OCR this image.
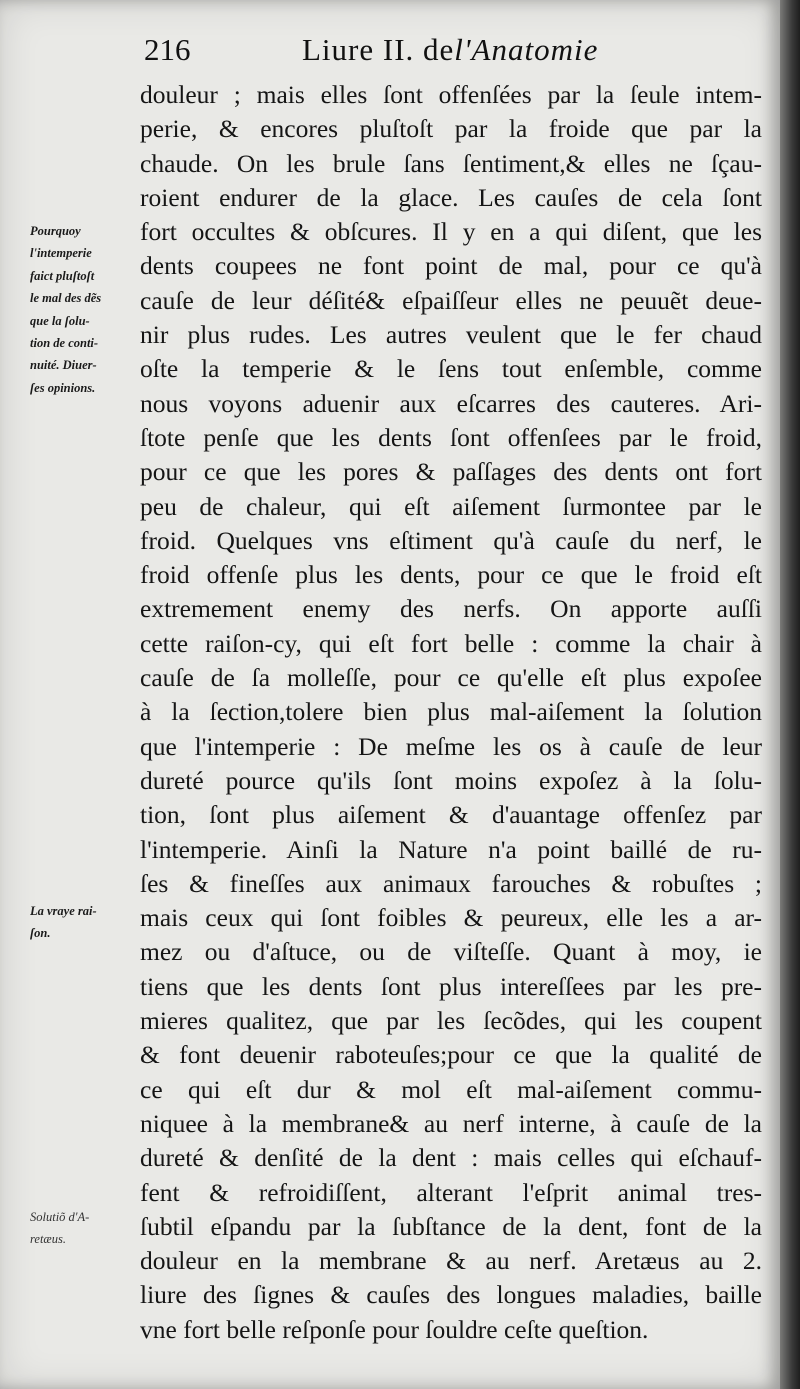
216	Liure II. del'Anatomie
douleur ; mais elles ſont offenſées par la ſeule intem-
perie, & encores pluſtoſt par la froide que par la
chaude. On les brule ſans ſentiment,& elles ne ſçau-
roient endurer de la glace. Les cauſes de cela ſont
fort occultes & obſcures. Il y en a qui diſent, que les
dents coupees ne font point de mal, pour ce qu'à
cauſe de leur déſité& eſpaiſſeur elles ne peuuẽt deue-
nir plus rudes. Les autres veulent que le fer chaud
oſte la temperie & le ſens tout enſemble, comme
nous voyons aduenir aux eſcarres des cauteres. Ari-
ſtote penſe que les dents ſont offenſees par le froid,
pour ce que les pores & paſſages des dents ont fort
peu de chaleur, qui eſt aiſement ſurmontee par le
froid. Quelques vns eſtiment qu'à cauſe du nerf, le
froid offenſe plus les dents, pour ce que le froid eſt
extremement enemy des nerfs. On apporte auſſi
cette raiſon-cy, qui eſt fort belle : comme la chair à
cauſe de ſa molleſſe, pour ce qu'elle eſt plus expoſee
à la ſection,tolere bien plus mal-aiſement la ſolution
que l'intemperie : De meſme les os à cauſe de leur
dureté pource qu'ils ſont moins expoſez à la ſolu-
tion, ſont plus aiſement & d'auantage offenſez par
l'intemperie. Ainſi la Nature n'a point baillé de ru-
ſes & fineſſes aux animaux farouches & robuſtes ;
mais ceux qui ſont foibles & peureux, elle les a ar-
mez ou d'aſtuce, ou de viſteſſe. Quant à moy, ie
tiens que les dents ſont plus intereſſees par les pre-
mieres qualitez, que par les ſecõdes, qui les coupent
& font deuenir raboteuſes;pour ce que la qualité de
ce qui eſt dur & mol eſt mal-aiſement commu-
niquee à la membrane& au nerf interne, à cauſe de la
dureté & denſité de la dent : mais celles qui eſchauf-
fent & refroidiſſent, alterant l'eſprit animal tres-
ſubtil eſpandu par la ſubſtance de la dent, font de la
douleur en la membrane & au nerf. Aretæus au 2.
liure des ſignes & cauſes des longues maladies, baille
vne fort belle reſponſe pour ſouldre ceſte queſtion.
Pourquoy
l'intemperie
faict pluſtoſt
le mal des dẽs
que la ſolu-
tion de conti-
nuité. Diuer-
ſes opinions.
La vraye rai-
ſon.
Solutiõ d'A-
retæus.
